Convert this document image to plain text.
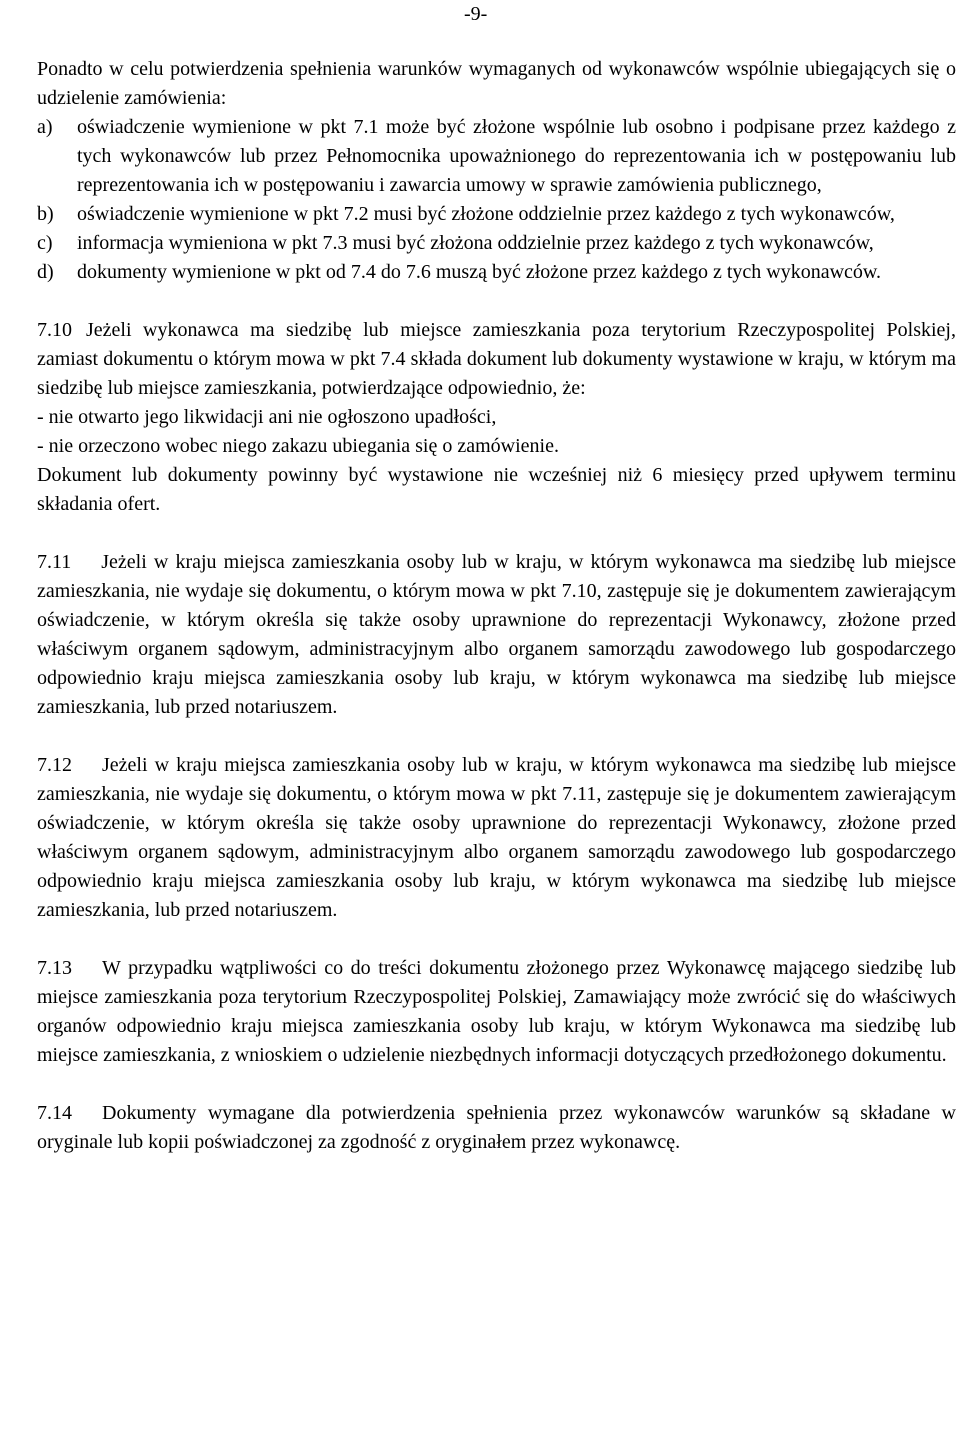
-9-

Ponadto w celu potwierdzenia spełnienia warunków wymaganych od wykonawców wspólnie ubiegających się o udzielenie zamówienia:

a) oświadczenie wymienione w pkt 7.1 może być złożone wspólnie lub osobno i podpisane przez każdego z tych wykonawców lub przez Pełnomocnika upoważnionego do reprezentowania ich w postępowaniu lub reprezentowania ich w postępowaniu i zawarcia umowy w sprawie zamówienia publicznego,

b) oświadczenie wymienione w pkt 7.2 musi być złożone oddzielnie przez każdego z tych wykonawców,

c) informacja wymieniona w pkt 7.3 musi być złożona oddzielnie przez każdego z tych wykonawców,

d) dokumenty wymienione w pkt od 7.4 do 7.6 muszą być złożone przez każdego z tych wykonawców.

7.10 Jeżeli wykonawca ma siedzibę lub miejsce zamieszkania poza terytorium Rzeczypospolitej Polskiej, zamiast dokumentu o którym mowa w pkt 7.4 składa dokument lub dokumenty wystawione w kraju, w którym ma siedzibę lub miejsce zamieszkania, potwierdzające odpowiednio, że:

- nie otwarto jego likwidacji ani nie ogłoszono upadłości,

- nie orzeczono wobec niego zakazu ubiegania się o zamówienie.

Dokument lub dokumenty powinny być wystawione nie wcześniej niż 6 miesięcy przed upływem terminu składania ofert.

7.11 Jeżeli w kraju miejsca zamieszkania osoby lub w kraju, w którym wykonawca ma siedzibę lub miejsce zamieszkania, nie wydaje się dokumentu, o którym mowa w pkt 7.10, zastępuje się je dokumentem zawierającym oświadczenie, w którym określa się także osoby uprawnione do reprezentacji Wykonawcy, złożone przed właściwym organem sądowym, administracyjnym albo organem samorządu zawodowego lub gospodarczego odpowiednio kraju miejsca zamieszkania osoby lub kraju, w którym wykonawca ma siedzibę lub miejsce zamieszkania, lub przed notariuszem.

7.12 Jeżeli w kraju miejsca zamieszkania osoby lub w kraju, w którym wykonawca ma siedzibę lub miejsce zamieszkania, nie wydaje się dokumentu, o którym mowa w pkt 7.11, zastępuje się je dokumentem zawierającym oświadczenie, w którym określa się także osoby uprawnione do reprezentacji Wykonawcy, złożone przed właściwym organem sądowym, administracyjnym albo organem samorządu zawodowego lub gospodarczego odpowiednio kraju miejsca zamieszkania osoby lub kraju, w którym wykonawca ma siedzibę lub miejsce zamieszkania, lub przed notariuszem.

7.13 W przypadku wątpliwości co do treści dokumentu złożonego przez Wykonawcę mającego siedzibę lub miejsce zamieszkania poza terytorium Rzeczypospolitej Polskiej, Zamawiający może zwrócić się do właściwych organów odpowiednio kraju miejsca zamieszkania osoby lub kraju, w którym Wykonawca ma siedzibę lub miejsce zamieszkania, z wnioskiem o udzielenie niezbędnych informacji dotyczących przedłożonego dokumentu.

7.14 Dokumenty wymagane dla potwierdzenia spełnienia przez wykonawców warunków są składane w oryginale lub kopii poświadczonej za zgodność z oryginałem przez wykonawcę.
